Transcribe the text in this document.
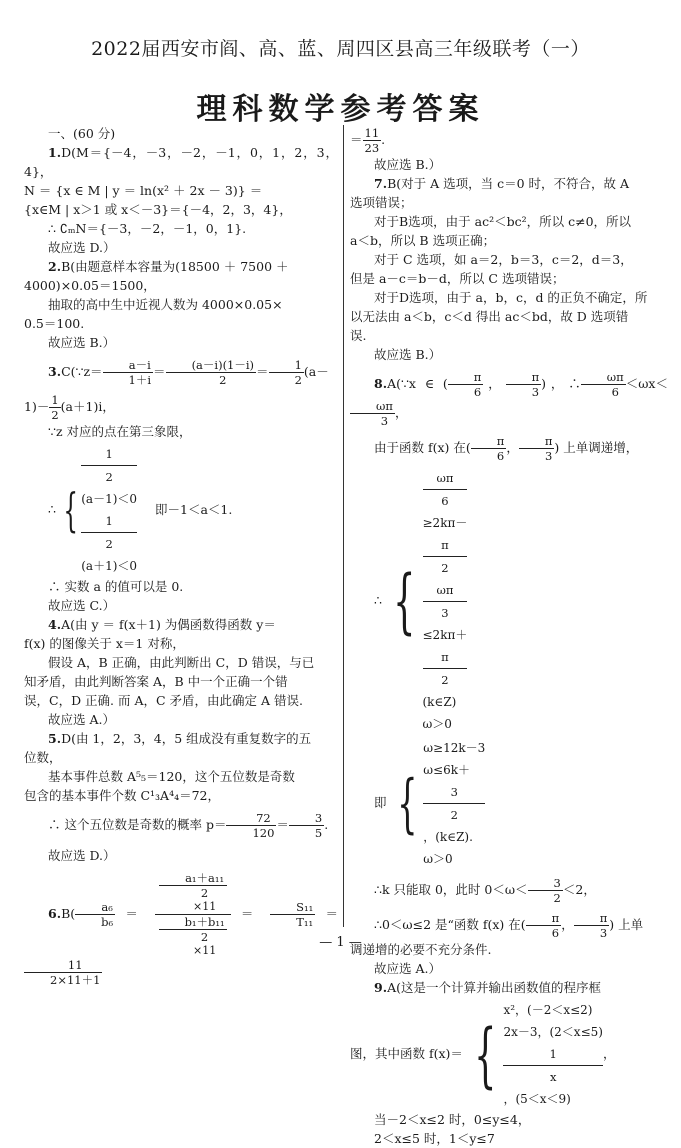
2022届西安市阎、高、蓝、周四区县高三年级联考（一）
理科数学参考答案

一、(60 分)

1.D(M＝{－4，－3，－2，－1，0，1，2，3，4}，

N ＝ {x ∈ M | y ＝ ln(x² ＋ 2x － 3)} ＝

{x∈M | x＞1 或 x＜－3}＝{－4，2，3，4}，

∴ ∁ₘN＝{－3，－2，－1，0，1}.

故应选 D.）

2.B(由题意样本容量为(18500 ＋ 7500 ＋

4000)×0.05＝1500，

抽取的高中生中近视人数为 4000×0.05×

0.5＝100.

故应选 B.）

3.C(∵z＝ $\frac{a-i}{1+i} = \frac{(a-i)(1-i)}{2} = \frac{1}{2} (a-$

$1)- \frac{1}{2} (a+1)i$，

∵z 对应的点在第三象限，

∴ {
1
2
(a－1)＜0
1
2
(a＋1)＜0
即－1＜a＜1.

∴ 实数 a 的值可以是 0.

故应选 C.）

4.A(由 y ＝ f(x＋1) 为偶函数得函数 y＝

f(x) 的图像关于 x＝1 对称，

假设 A，B 正确，由此判断出 C，D 错误，与已

知矛盾，由此判断答案 A，B 中一个正确一个错

误，C，D 正确. 而 A，C 矛盾，由此确定 A 错误.

故应选 A.）

5.D(由 1，2，3，4，5 组成没有重复数字的五

位数，

基本事件总数 A⁵₅＝120，这个五位数是奇数

包含的基本事件个数 C¹₃A⁴₄＝72，

∴ 这个五位数是奇数的概率 $p= \frac{72}{120} = \frac{3}{5}$ .

故应选 D.）

$6.B( \frac{\text{a₆}}{\text{b₆}} = a_1+a_{11}$
2
×11
b₁＋b₁₁
2
$\times 11 = \frac{\text{S₁₁}}{\text{T₁₁}}$ ＝
$\frac{11}{2\times 11+1}$

＝ $\frac{11}{23}$ .

故应选 B.）

7.B(对于 A 选项，当 c＝0 时，不符合，故 A

选项错误；

对于B选项，由于 ac²＜bc²，所以 c≠0，所以

a＜b，所以 B 选项正确；

对于 C 选项，如 a＝2，b＝3，c＝2，d＝3，

但是 a－c＝b－d，所以 C 选项错误；

对于D选项，由于 a，b，c，d 的正负不确定，所

以无法由 a＜b，c＜d 得出 ac＜bd，故 D 选项错

误.

故应选 B.）

8.A(∵x ∈ ( $\frac{\pi}{6}$ ， $\frac{\pi}{3}$ )，∴ $\frac{\omega\pi}{6} <\omega x<$
$\frac{\omega\pi}{3}$ ，

由于函数 f(x) 在( $\frac{\pi}{6}$ ， $\frac{\pi}{3}$ ) 上单调递增，

∴ {
ωπ
6
≥2kπ－
π
2
ωπ
3
≤2kπ＋
π
2
(k∈Z)
ω＞0
即 {
ω≥12k－3
ω≤6k＋
3
2
，(k∈Z).
ω＞0

∴k 只能取 0，此时 $0<\omega< \frac{3}{2} <2$，

∴0＜ω≤2 是“函数 f(x) 在( $\frac{\pi}{6}$ ， $\frac{\pi}{3}$ ) 上单

调递增的必要不充分条件.

故应选 A.）

9.A(这是一个计算并输出函数值的程序框

图，其中函数 f(x)＝ {
x²，(－2＜x≤2)
2x－3，(2＜x≤5)
1
x
，(5＜x＜9)
，

当－2＜x≤2 时，0≤y≤4，

2＜x≤5 时，1＜y≤7

— 1 —
